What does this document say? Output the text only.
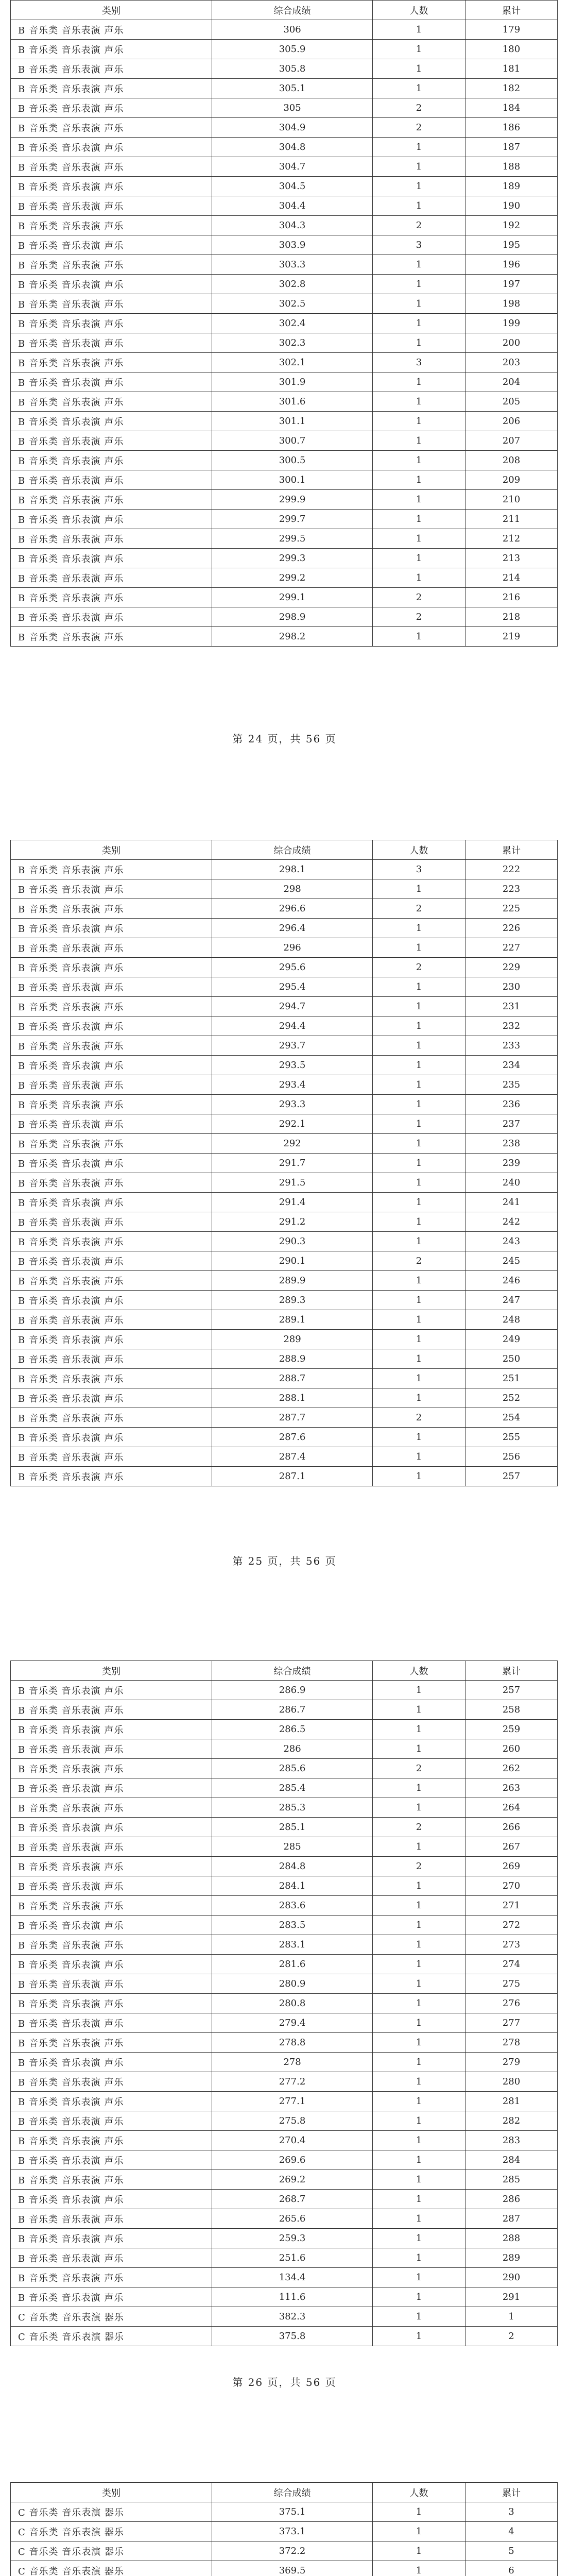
类别	综合成绩	人数	累计
B 音乐类 音乐表演 声乐	306	1	179
B 音乐类 音乐表演 声乐	305.9	1	180
B 音乐类 音乐表演 声乐	305.8	1	181
B 音乐类 音乐表演 声乐	305.1	1	182
B 音乐类 音乐表演 声乐	305	2	184
B 音乐类 音乐表演 声乐	304.9	2	186
B 音乐类 音乐表演 声乐	304.8	1	187
B 音乐类 音乐表演 声乐	304.7	1	188
B 音乐类 音乐表演 声乐	304.5	1	189
B 音乐类 音乐表演 声乐	304.4	1	190
B 音乐类 音乐表演 声乐	304.3	2	192
B 音乐类 音乐表演 声乐	303.9	3	195
B 音乐类 音乐表演 声乐	303.3	1	196
B 音乐类 音乐表演 声乐	302.8	1	197
B 音乐类 音乐表演 声乐	302.5	1	198
B 音乐类 音乐表演 声乐	302.4	1	199
B 音乐类 音乐表演 声乐	302.3	1	200
B 音乐类 音乐表演 声乐	302.1	3	203
B 音乐类 音乐表演 声乐	301.9	1	204
B 音乐类 音乐表演 声乐	301.6	1	205
B 音乐类 音乐表演 声乐	301.1	1	206
B 音乐类 音乐表演 声乐	300.7	1	207
B 音乐类 音乐表演 声乐	300.5	1	208
B 音乐类 音乐表演 声乐	300.1	1	209
B 音乐类 音乐表演 声乐	299.9	1	210
B 音乐类 音乐表演 声乐	299.7	1	211
B 音乐类 音乐表演 声乐	299.5	1	212
B 音乐类 音乐表演 声乐	299.3	1	213
B 音乐类 音乐表演 声乐	299.2	1	214
B 音乐类 音乐表演 声乐	299.1	2	216
B 音乐类 音乐表演 声乐	298.9	2	218
B 音乐类 音乐表演 声乐	298.2	1	219
第 24 页，共 56 页
类别	综合成绩	人数	累计
B 音乐类 音乐表演 声乐	298.1	3	222
B 音乐类 音乐表演 声乐	298	1	223
B 音乐类 音乐表演 声乐	296.6	2	225
B 音乐类 音乐表演 声乐	296.4	1	226
B 音乐类 音乐表演 声乐	296	1	227
B 音乐类 音乐表演 声乐	295.6	2	229
B 音乐类 音乐表演 声乐	295.4	1	230
B 音乐类 音乐表演 声乐	294.7	1	231
B 音乐类 音乐表演 声乐	294.4	1	232
B 音乐类 音乐表演 声乐	293.7	1	233
B 音乐类 音乐表演 声乐	293.5	1	234
B 音乐类 音乐表演 声乐	293.4	1	235
B 音乐类 音乐表演 声乐	293.3	1	236
B 音乐类 音乐表演 声乐	292.1	1	237
B 音乐类 音乐表演 声乐	292	1	238
B 音乐类 音乐表演 声乐	291.7	1	239
B 音乐类 音乐表演 声乐	291.5	1	240
B 音乐类 音乐表演 声乐	291.4	1	241
B 音乐类 音乐表演 声乐	291.2	1	242
B 音乐类 音乐表演 声乐	290.3	1	243
B 音乐类 音乐表演 声乐	290.1	2	245
B 音乐类 音乐表演 声乐	289.9	1	246
B 音乐类 音乐表演 声乐	289.3	1	247
B 音乐类 音乐表演 声乐	289.1	1	248
B 音乐类 音乐表演 声乐	289	1	249
B 音乐类 音乐表演 声乐	288.9	1	250
B 音乐类 音乐表演 声乐	288.7	1	251
B 音乐类 音乐表演 声乐	288.1	1	252
B 音乐类 音乐表演 声乐	287.7	2	254
B 音乐类 音乐表演 声乐	287.6	1	255
B 音乐类 音乐表演 声乐	287.4	1	256
B 音乐类 音乐表演 声乐	287.1	1	257
第 25 页，共 56 页
类别	综合成绩	人数	累计
B 音乐类 音乐表演 声乐	286.9	1	257
B 音乐类 音乐表演 声乐	286.7	1	258
B 音乐类 音乐表演 声乐	286.5	1	259
B 音乐类 音乐表演 声乐	286	1	260
B 音乐类 音乐表演 声乐	285.6	2	262
B 音乐类 音乐表演 声乐	285.4	1	263
B 音乐类 音乐表演 声乐	285.3	1	264
B 音乐类 音乐表演 声乐	285.1	2	266
B 音乐类 音乐表演 声乐	285	1	267
B 音乐类 音乐表演 声乐	284.8	2	269
B 音乐类 音乐表演 声乐	284.1	1	270
B 音乐类 音乐表演 声乐	283.6	1	271
B 音乐类 音乐表演 声乐	283.5	1	272
B 音乐类 音乐表演 声乐	283.1	1	273
B 音乐类 音乐表演 声乐	281.6	1	274
B 音乐类 音乐表演 声乐	280.9	1	275
B 音乐类 音乐表演 声乐	280.8	1	276
B 音乐类 音乐表演 声乐	279.4	1	277
B 音乐类 音乐表演 声乐	278.8	1	278
B 音乐类 音乐表演 声乐	278	1	279
B 音乐类 音乐表演 声乐	277.2	1	280
B 音乐类 音乐表演 声乐	277.1	1	281
B 音乐类 音乐表演 声乐	275.8	1	282
B 音乐类 音乐表演 声乐	270.4	1	283
B 音乐类 音乐表演 声乐	269.6	1	284
B 音乐类 音乐表演 声乐	269.2	1	285
B 音乐类 音乐表演 声乐	268.7	1	286
B 音乐类 音乐表演 声乐	265.6	1	287
B 音乐类 音乐表演 声乐	259.3	1	288
B 音乐类 音乐表演 声乐	251.6	1	289
B 音乐类 音乐表演 声乐	134.4	1	290
B 音乐类 音乐表演 声乐	111.6	1	291
C 音乐类 音乐表演 器乐	382.3	1	1
C 音乐类 音乐表演 器乐	375.8	1	2
第 26 页，共 56 页
类别	综合成绩	人数	累计
C 音乐类 音乐表演 器乐	375.1	1	3
C 音乐类 音乐表演 器乐	373.1	1	4
C 音乐类 音乐表演 器乐	372.2	1	5
C 音乐类 音乐表演 器乐	369.5	1	6
